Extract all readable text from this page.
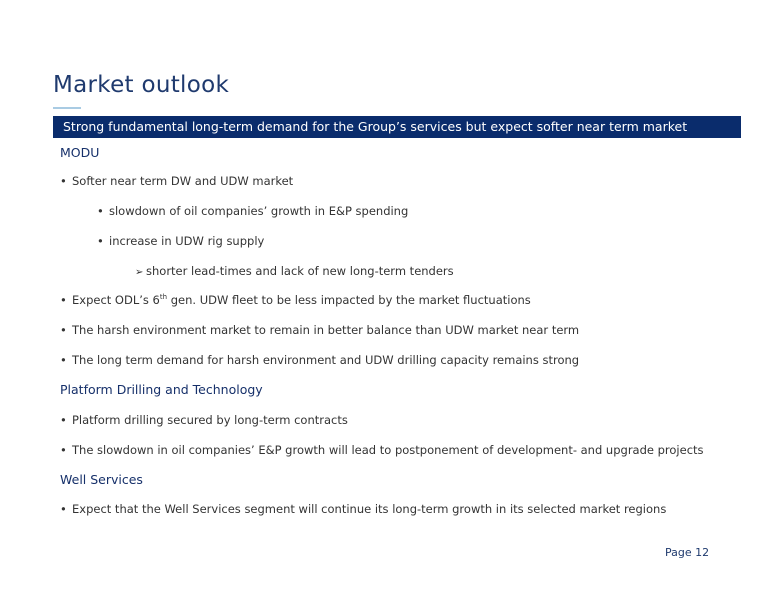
Market outlook
Strong fundamental long-term demand for the Group’s services but expect softer near term market
MODU
• Softer near term DW and UDW market
• slowdown of oil companies’ growth in E&P spending
• increase in UDW rig supply
➢ shorter lead-times and lack of new long-term tenders
• Expect ODL’s 6th gen. UDW fleet to be less impacted by the market fluctuations
• The harsh environment market to remain in better balance than UDW market near term
• The long term demand for harsh environment and UDW drilling capacity remains strong
Platform Drilling and Technology
• Platform drilling secured by long-term contracts
• The slowdown in oil companies’ E&P growth will lead to postponement of development- and upgrade projects
Well Services
• Expect that the Well Services segment will continue its long-term growth in its selected market regions
Page 12
